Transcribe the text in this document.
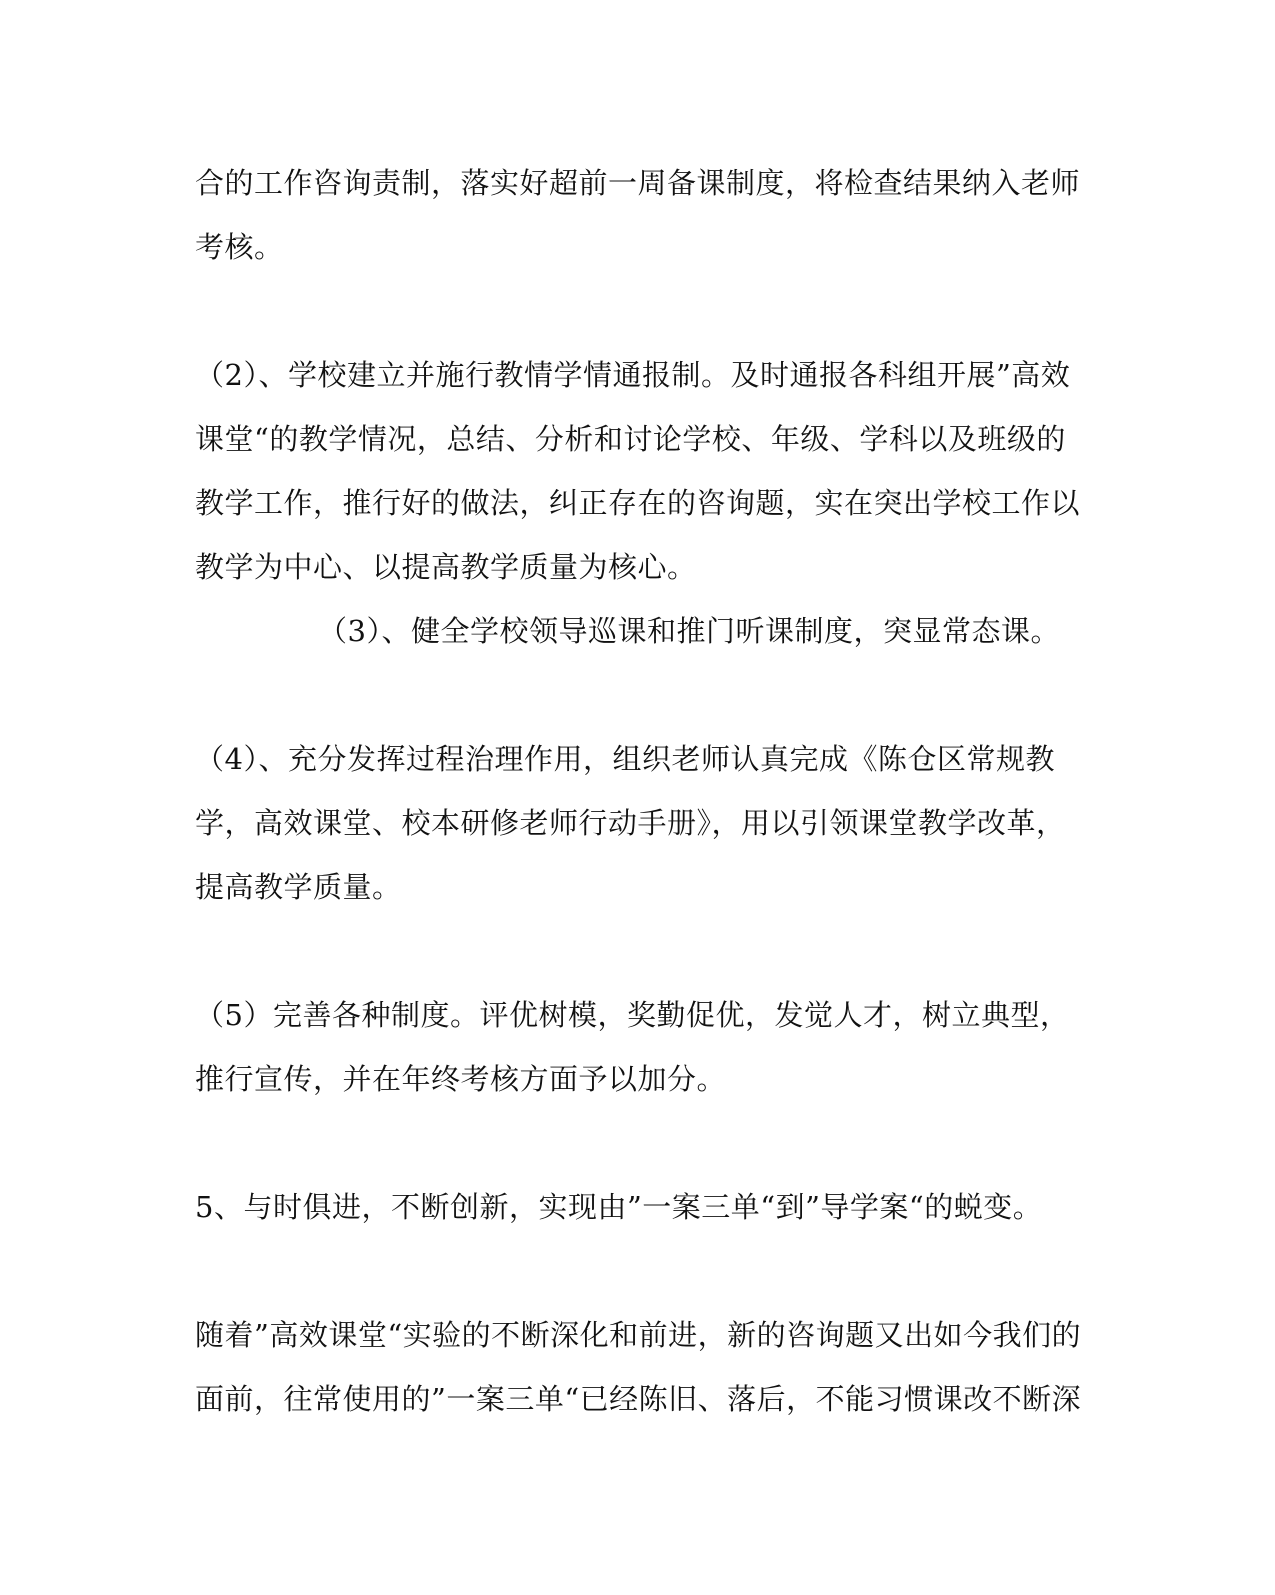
合的工作咨询责制，落实好超前一周备课制度，将检查结果纳入老师
考核。
（2）、学校建立并施行教情学情通报制。及时通报各科组开展”高效
课堂“的教学情况，总结、分析和讨论学校、年级、学科以及班级的
教学工作，推行好的做法，纠正存在的咨询题，实在突出学校工作以
教学为中心、以提高教学质量为核心。
（3）、健全学校领导巡课和推门听课制度，突显常态课。
（4）、充分发挥过程治理作用，组织老师认真完成《陈仓区常规教
学，高效课堂、校本研修老师行动手册》，用以引领课堂教学改革，
提高教学质量。
（5）完善各种制度。评优树模，奖勤促优，发觉人才，树立典型，
推行宣传，并在年终考核方面予以加分。
5、与时俱进，不断创新，实现由”一案三单“到”导学案“的蜕变。
随着”高效课堂“实验的不断深化和前进，新的咨询题又出如今我们的
面前，往常使用的”一案三单“已经陈旧、落后，不能习惯课改不断深
